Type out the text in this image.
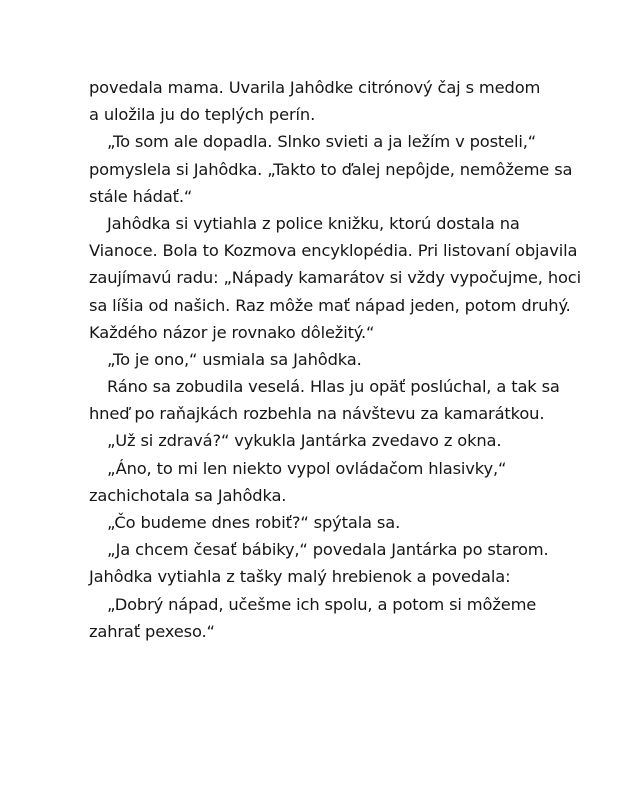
povedala mama. Uvarila Jahôdke citrónový čaj s medom
a uložila ju do teplých perín.
„To som ale dopadla. Slnko svieti a ja ležím v posteli,“
pomyslela si Jahôdka. „Takto to ďalej nepôjde, nemôžeme sa
stále hádať.“
Jahôdka si vytiahla z police knižku, ktorú dostala na
Vianoce. Bola to Kozmova encyklopédia. Pri listovaní objavila
zaujímavú radu: „Nápady kamarátov si vždy vypočujme, hoci
sa líšia od našich. Raz môže mať nápad jeden, potom druhý.
Každého názor je rovnako dôležitý.“
„To je ono,“ usmiala sa Jahôdka.
Ráno sa zobudila veselá. Hlas ju opäť poslúchal, a tak sa
hneď po raňajkách rozbehla na návštevu za kamarátkou.
„Už si zdravá?“ vykukla Jantárka zvedavo z okna.
„Áno, to mi len niekto vypol ovládačom hlasivky,“
zachichotala sa Jahôdka.
„Čo budeme dnes robiť?“ spýtala sa.
„Ja chcem česať bábiky,“ povedala Jantárka po starom.
Jahôdka vytiahla z tašky malý hrebienok a povedala:
„Dobrý nápad, učešme ich spolu, a potom si môžeme
zahrať pexeso.“
